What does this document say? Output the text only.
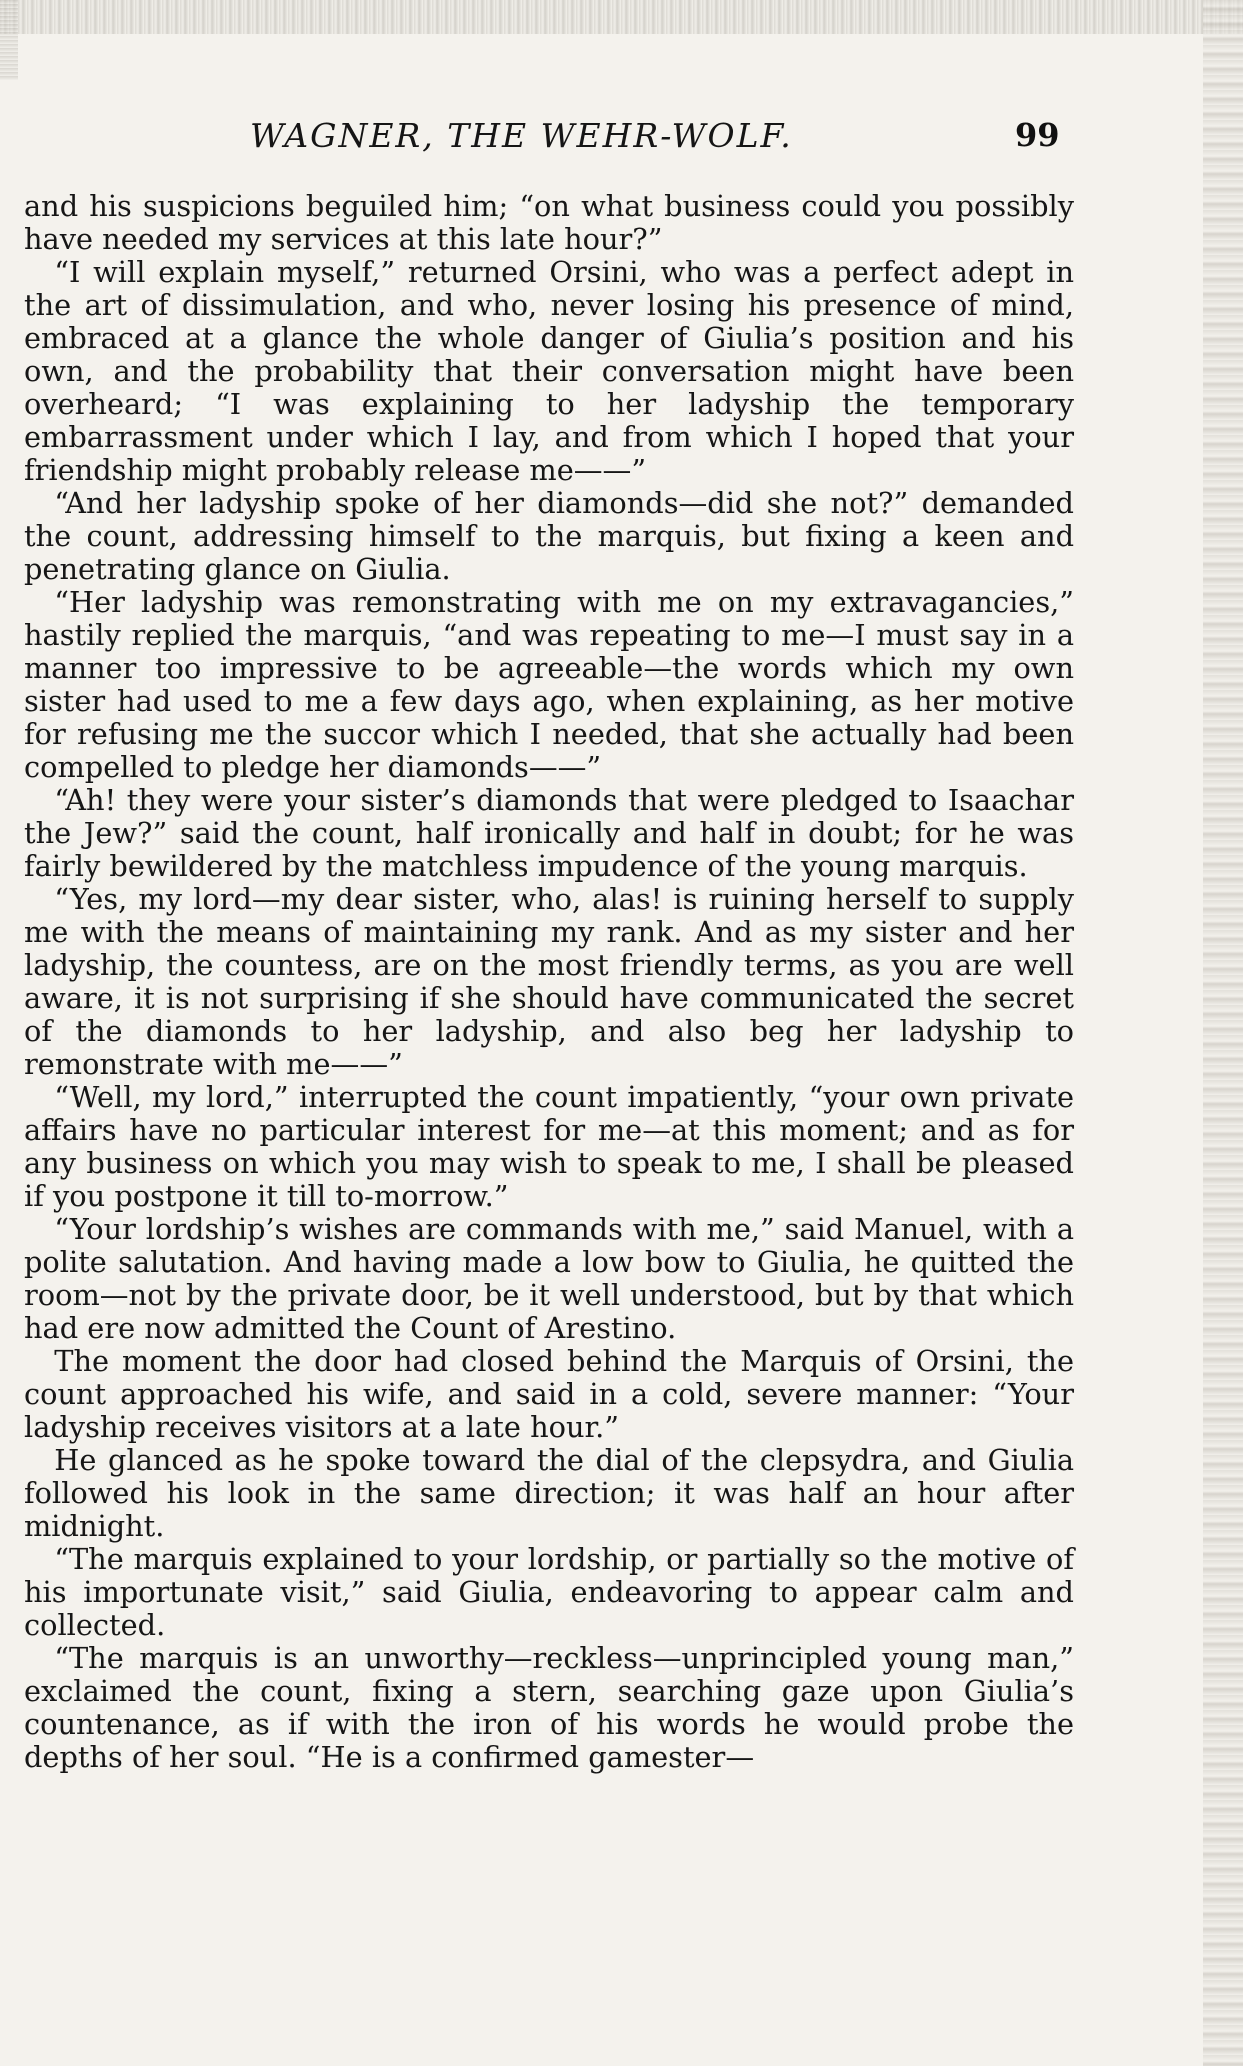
WAGNER, THE WEHR-WOLF.	99

and his suspicions beguiled him; “on what business could you possibly have needed my services at this late hour?”

“I will explain myself,” returned Orsini, who was a perfect adept in the art of dissimulation, and who, never losing his presence of mind, embraced at a glance the whole danger of Giulia’s position and his own, and the probability that their conversation might have been overheard; “I was explaining to her ladyship the temporary embarrassment under which I lay, and from which I hoped that your friendship might probably release me——”

“And her ladyship spoke of her diamonds—did she not?” demanded the count, addressing himself to the marquis, but fixing a keen and penetrating glance on Giulia.

“Her ladyship was remonstrating with me on my extravagancies,” hastily replied the marquis, “and was repeating to me—I must say in a manner too impressive to be agreeable—the words which my own sister had used to me a few days ago, when explaining, as her motive for refusing me the succor which I needed, that she actually had been compelled to pledge her diamonds——”

“Ah! they were your sister’s diamonds that were pledged to Isaachar the Jew?” said the count, half ironically and half in doubt; for he was fairly bewildered by the matchless impudence of the young marquis.

“Yes, my lord—my dear sister, who, alas! is ruining herself to supply me with the means of maintaining my rank. And as my sister and her ladyship, the countess, are on the most friendly terms, as you are well aware, it is not surprising if she should have communicated the secret of the diamonds to her ladyship, and also beg her ladyship to remonstrate with me——”

“Well, my lord,” interrupted the count impatiently, “your own private affairs have no particular interest for me—at this moment; and as for any business on which you may wish to speak to me, I shall be pleased if you postpone it till to-morrow.”

“Your lordship’s wishes are commands with me,” said Manuel, with a polite salutation. And having made a low bow to Giulia, he quitted the room—not by the private door, be it well understood, but by that which had ere now admitted the Count of Arestino.

The moment the door had closed behind the Marquis of Orsini, the count approached his wife, and said in a cold, severe manner: “Your ladyship receives visitors at a late hour.”

He glanced as he spoke toward the dial of the clepsydra, and Giulia followed his look in the same direction; it was half an hour after midnight.

“The marquis explained to your lordship, or partially so the motive of his importunate visit,” said Giulia, endeavoring to appear calm and collected.

“The marquis is an unworthy—reckless—unprincipled young man,” exclaimed the count, fixing a stern, searching gaze upon Giulia’s countenance, as if with the iron of his words he would probe the depths of her soul. “He is a confirmed gamester—
